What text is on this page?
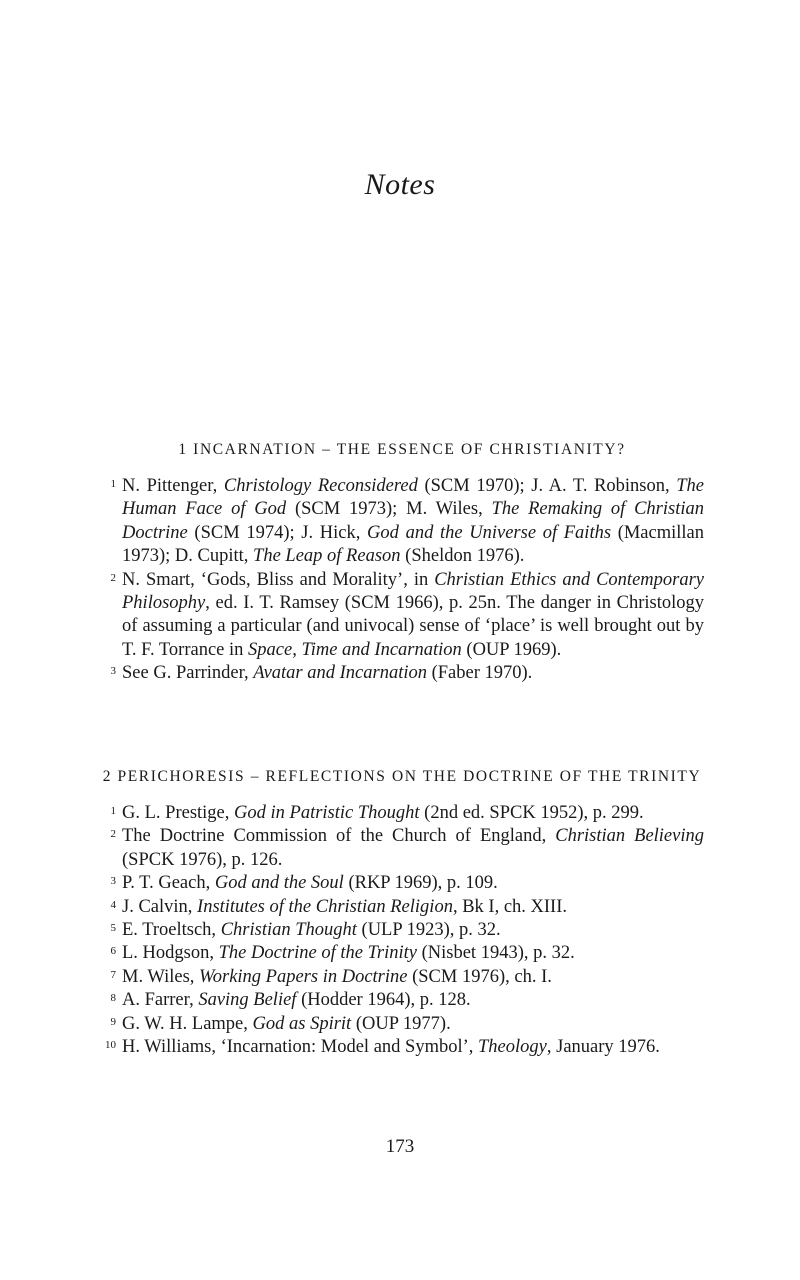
Notes
1 INCARNATION – THE ESSENCE OF CHRISTIANITY?
1 N. Pittenger, Christology Reconsidered (SCM 1970); J. A. T. Robinson, The Human Face of God (SCM 1973); M. Wiles, The Remaking of Christian Doctrine (SCM 1974); J. Hick, God and the Universe of Faiths (Macmillan 1973); D. Cupitt, The Leap of Reason (Sheldon 1976).
2 N. Smart, ‘Gods, Bliss and Morality’, in Christian Ethics and Contemporary Philosophy, ed. I. T. Ramsey (SCM 1966), p. 25n. The danger in Christology of assuming a particular (and univocal) sense of ‘place’ is well brought out by T. F. Torrance in Space, Time and Incarnation (OUP 1969).
3 See G. Parrinder, Avatar and Incarnation (Faber 1970).
2 PERICHORESIS – REFLECTIONS ON THE DOCTRINE OF THE TRINITY
1 G. L. Prestige, God in Patristic Thought (2nd ed. SPCK 1952), p. 299.
2 The Doctrine Commission of the Church of England, Christian Believing (SPCK 1976), p. 126.
3 P. T. Geach, God and the Soul (RKP 1969), p. 109.
4 J. Calvin, Institutes of the Christian Religion, Bk I, ch. XIII.
5 E. Troeltsch, Christian Thought (ULP 1923), p. 32.
6 L. Hodgson, The Doctrine of the Trinity (Nisbet 1943), p. 32.
7 M. Wiles, Working Papers in Doctrine (SCM 1976), ch. I.
8 A. Farrer, Saving Belief (Hodder 1964), p. 128.
9 G. W. H. Lampe, God as Spirit (OUP 1977).
10 H. Williams, ‘Incarnation: Model and Symbol’, Theology, January 1976.
173
